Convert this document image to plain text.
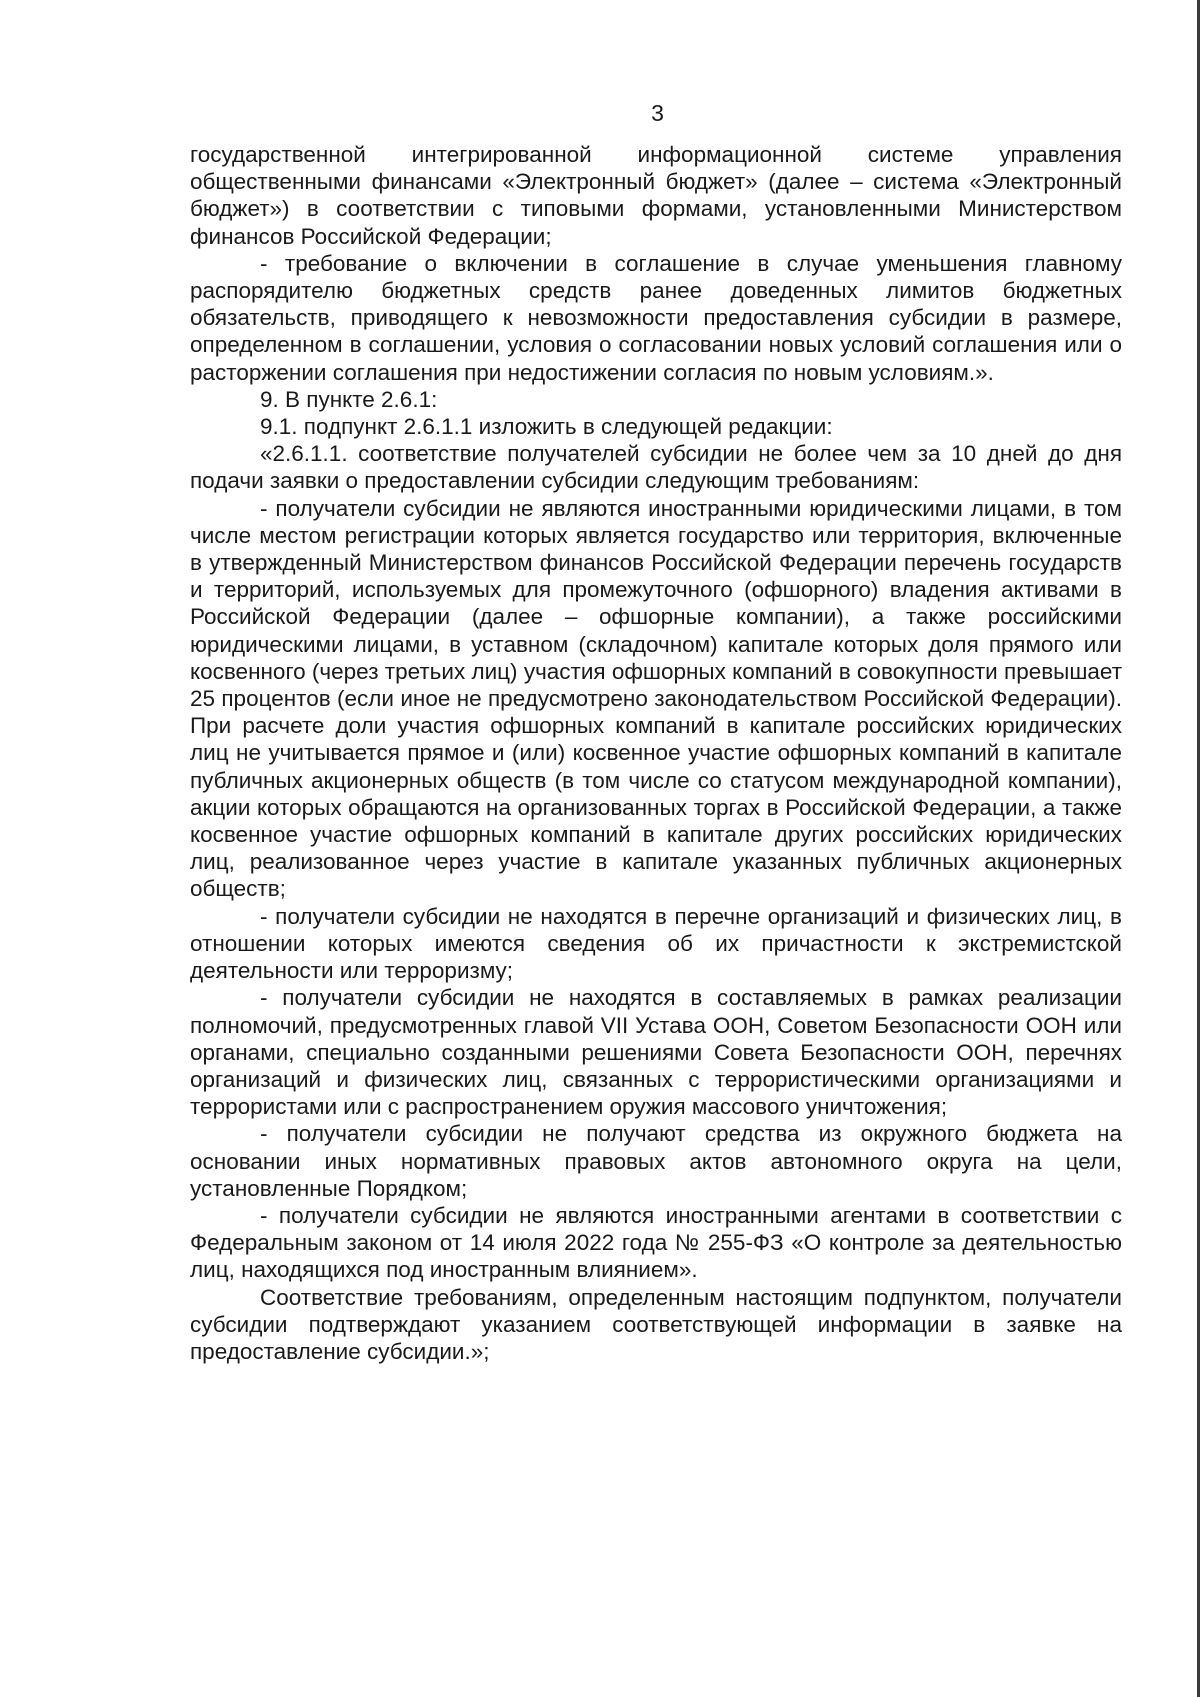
3

государственной интегрированной информационной системе управления общественными финансами «Электронный бюджет» (далее – система «Электронный бюджет») в соответствии с типовыми формами, установленными Министерством финансов Российской Федерации;

- требование о включении в соглашение в случае уменьшения главному распорядителю бюджетных средств ранее доведенных лимитов бюджетных обязательств, приводящего к невозможности предоставления субсидии в размере, определенном в соглашении, условия о согласовании новых условий соглашения или о расторжении соглашения при недостижении согласия по новым условиям.».

9. В пункте 2.6.1:

9.1. подпункт 2.6.1.1 изложить в следующей редакции:

«2.6.1.1. соответствие получателей субсидии не более чем за 10 дней до дня подачи заявки о предоставлении субсидии следующим требованиям:

- получатели субсидии не являются иностранными юридическими лицами, в том числе местом регистрации которых является государство или территория, включенные в утвержденный Министерством финансов Российской Федерации перечень государств и территорий, используемых для промежуточного (офшорного) владения активами в Российской Федерации (далее – офшорные компании), а также российскими юридическими лицами, в уставном (складочном) капитале которых доля прямого или косвенного (через третьих лиц) участия офшорных компаний в совокупности превышает 25 процентов (если иное не предусмотрено законодательством Российской Федерации). При расчете доли участия офшорных компаний в капитале российских юридических лиц не учитывается прямое и (или) косвенное участие офшорных компаний в капитале публичных акционерных обществ (в том числе со статусом международной компании), акции которых обращаются на организованных торгах в Российской Федерации, а также косвенное участие офшорных компаний в капитале других российских юридических лиц, реализованное через участие в капитале указанных публичных акционерных обществ;

- получатели субсидии не находятся в перечне организаций и физических лиц, в отношении которых имеются сведения об их причастности к экстремистской деятельности или терроризму;

- получатели субсидии не находятся в составляемых в рамках реализации полномочий, предусмотренных главой VII Устава ООН, Советом Безопасности ООН или органами, специально созданными решениями Совета Безопасности ООН, перечнях организаций и физических лиц, связанных с террористическими организациями и террористами или с распространением оружия массового уничтожения;

- получатели субсидии не получают средства из окружного бюджета на основании иных нормативных правовых актов автономного округа на цели, установленные Порядком;

- получатели субсидии не являются иностранными агентами в соответствии с Федеральным законом от 14 июля 2022 года № 255-ФЗ «О контроле за деятельностью лиц, находящихся под иностранным влиянием».

Соответствие требованиям, определенным настоящим подпунктом, получатели субсидии подтверждают указанием соответствующей информации в заявке на предоставление субсидии.»;
